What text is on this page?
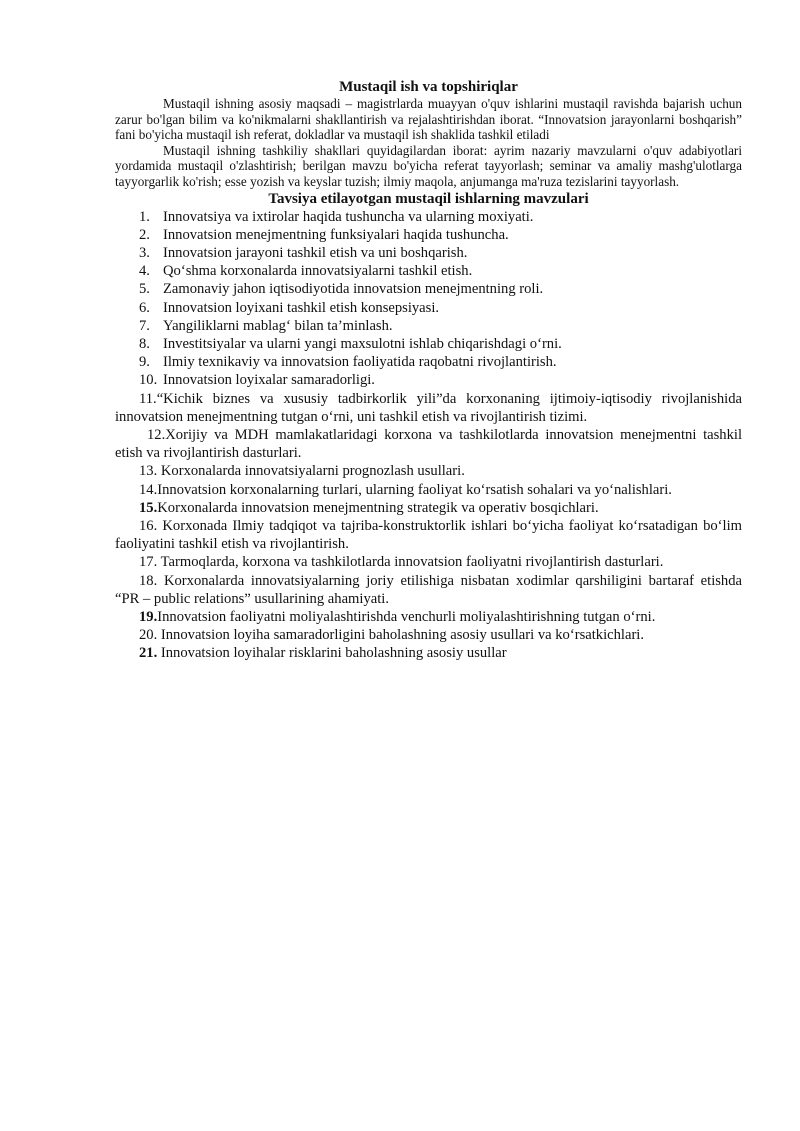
Mustaqil ish va topshiriqlar

Mustaqil ishning asosiy maqsadi – magistrlarda muayyan o'quv ishlarini mustaqil ravishda bajarish uchun zarur bo'lgan bilim va ko'nikmalarni shakllantirish va rejalashtirishdan iborat. “Innovatsion jarayonlarni boshqarish” fani bo'yicha mustaqil ish referat, dokladlar va mustaqil ish shaklida tashkil etiladi

Mustaqil ishning tashkiliy shakllari quyidagilardan iborat: ayrim nazariy mavzularni o'quv adabiyotlari yordamida mustaqil o'zlashtirish; berilgan mavzu bo'yicha referat tayyorlash; seminar va amaliy mashg'ulotlarga tayyorgarlik ko'rish; esse yozish va keyslar tuzish; ilmiy maqola, anjumanga ma'ruza tezislarini tayyorlash.

Tavsiya etilayotgan mustaqil ishlarning mavzulari

1. Innovatsiya va ixtirolar haqida tushuncha va ularning moxiyati.
2. Innovatsion menejmentning funksiyalari haqida tushuncha.
3. Innovatsion jarayoni tashkil etish va uni boshqarish.
4. Qo‘shma korxonalarda innovatsiyalarni tashkil etish.
5. Zamonaviy jahon iqtisodiyotida innovatsion menejmentning roli.
6. Innovatsion loyixani tashkil etish konsepsiyasi.
7. Yangiliklarni mablag‘ bilan ta’minlash.
8. Investitsiyalar va ularni yangi maxsulotni ishlab chiqarishdagi o‘rni.
9. Ilmiy texnikaviy va innovatsion faoliyatida raqobatni rivojlantirish.
10. Innovatsion loyixalar samaradorligi.
11.“Kichik biznes va xususiy tadbirkorlik yili”da korxonaning ijtimoiy-iqtisodiy rivojlanishida innovatsion menejmentning tutgan o‘rni, uni tashkil etish va rivojlantirish tizimi.
12.Xorijiy va MDH mamlakatlaridagi korxona va tashkilotlarda innovatsion menejmentni tashkil etish va rivojlantirish dasturlari.
13. Korxonalarda innovatsiyalarni prognozlash usullari.
14.Innovatsion korxonalarning turlari, ularning faoliyat ko‘rsatish sohalari va yo‘nalishlari.
15.Korxonalarda innovatsion menejmentning strategik va operativ bosqichlari.
16. Korxonada Ilmiy tadqiqot va tajriba-konstruktorlik ishlari bo‘yicha faoliyat ko‘rsatadigan bo‘lim faoliyatini tashkil etish va rivojlantirish.
17. Tarmoqlarda, korxona va tashkilotlarda innovatsion faoliyatni rivojlantirish dasturlari.
18. Korxonalarda innovatsiyalarning joriy etilishiga nisbatan xodimlar qarshiligini bartaraf etishda “PR – public relations” usullarining ahamiyati.
19.Innovatsion faoliyatni moliyalashtirishda venchurli moliyalashtirishning tutgan o‘rni.
20. Innovatsion loyiha samaradorligini baholashning asosiy usullari va ko‘rsatkichlari.
21. Innovatsion loyihalar risklarini baholashning asosiy usullar
